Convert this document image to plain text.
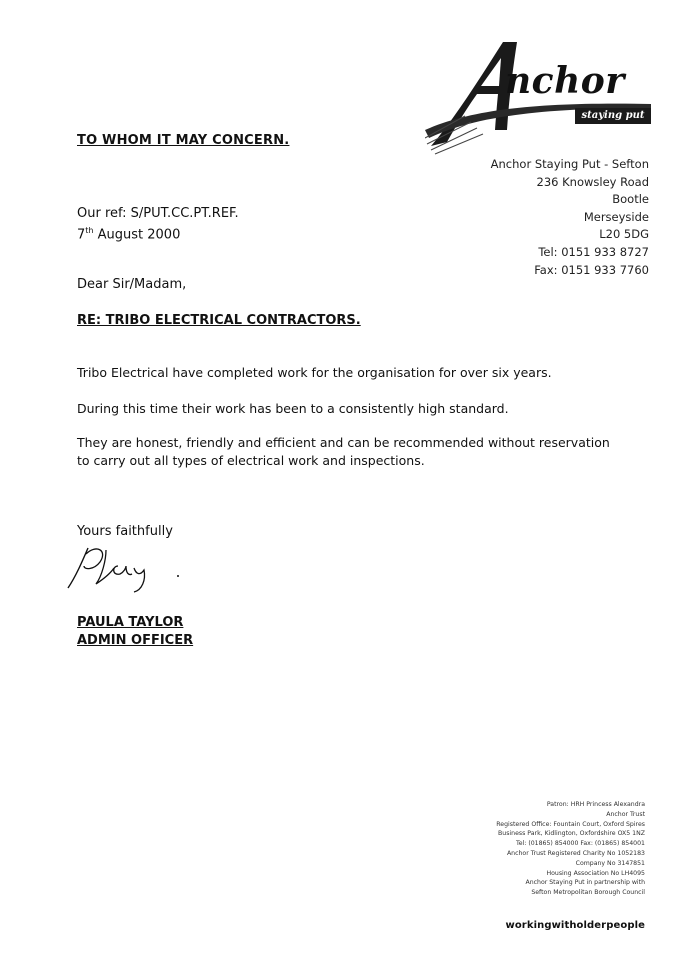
nchor
staying put
TO WHOM IT MAY CONCERN.
Anchor Staying Put - Sefton
236 Knowsley Road
Bootle
Merseyside
L20 5DG
Tel: 0151 933 8727
Fax: 0151 933 7760
Our ref: S/PUT.CC.PT.REF.
7th August 2000
Dear Sir/Madam,
RE: TRIBO ELECTRICAL CONTRACTORS.
Tribo Electrical have completed work for the organisation for over six years.
During this time their work has been to a consistently high standard.
They are honest, friendly and efficient and can be recommended without reservation to carry out all types of electrical work and inspections.
Yours faithfully
PAULA TAYLOR
ADMIN OFFICER
Patron: HRH Princess Alexandra
Anchor Trust
Registered Office: Fountain Court, Oxford Spires
Business Park, Kidlington, Oxfordshire OX5 1NZ
Tel: (01865) 854000 Fax: (01865) 854001
Anchor Trust Registered Charity No 1052183
Company No 3147851
Housing Association No LH4095
Anchor Staying Put in partnership with
Sefton Metropolitan Borough Council
workingwitholderpeople
